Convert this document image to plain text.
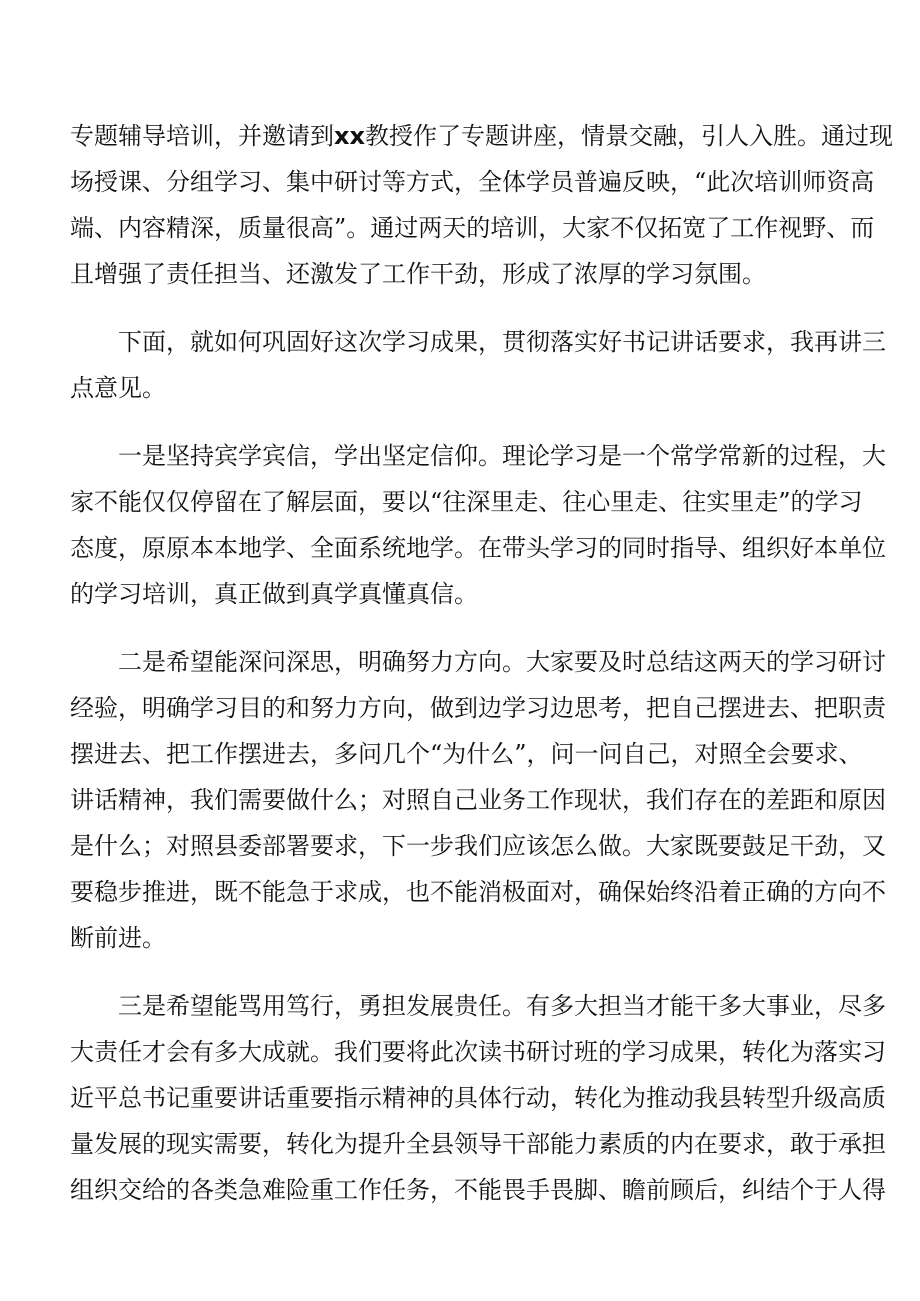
专题辅导培训，并邀请到xx教授作了专题讲座，情景交融，引人入胜。通过现
场授课、分组学习、集中研讨等方式，全体学员普遍反映，“此次培训师资高
端、内容精深，质量很高”。通过两天的培训，大家不仅拓宽了工作视野、而
且增强了责任担当、还激发了工作干劲，形成了浓厚的学习氛围。

下面，就如何巩固好这次学习成果，贯彻落实好书记讲话要求，我再讲三
点意见。

一是坚持宾学宾信，学出坚定信仰。理论学习是一个常学常新的过程，大
家不能仅仅停留在了解层面，要以“往深里走、往心里走、往实里走”的学习
态度，原原本本地学、全面系统地学。在带头学习的同时指导、组织好本单位
的学习培训，真正做到真学真懂真信。

二是希望能深问深思，明确努力方向。大家要及时总结这两天的学习研讨
经验，明确学习目的和努力方向，做到边学习边思考，把自己摆进去、把职责
摆进去、把工作摆进去，多问几个“为什么”，问一问自己，对照全会要求、
讲话精神，我们需要做什么；对照自己业务工作现状，我们存在的差距和原因
是什么；对照县委部署要求，下一步我们应该怎么做。大家既要鼓足干劲，又
要稳步推进，既不能急于求成，也不能消极面对，确保始终沿着正确的方向不
断前进。

三是希望能骂用笃行，勇担发展贵任。有多大担当才能干多大事业，尽多
大责任才会有多大成就。我们要将此次读书研讨班的学习成果，转化为落实习
近平总书记重要讲话重要指示精神的具体行动，转化为推动我县转型升级高质
量发展的现实需要，转化为提升全县领导干部能力素质的内在要求，敢于承担
组织交给的各类急难险重工作任务，不能畏手畏脚、瞻前顾后，纠结个于人得
